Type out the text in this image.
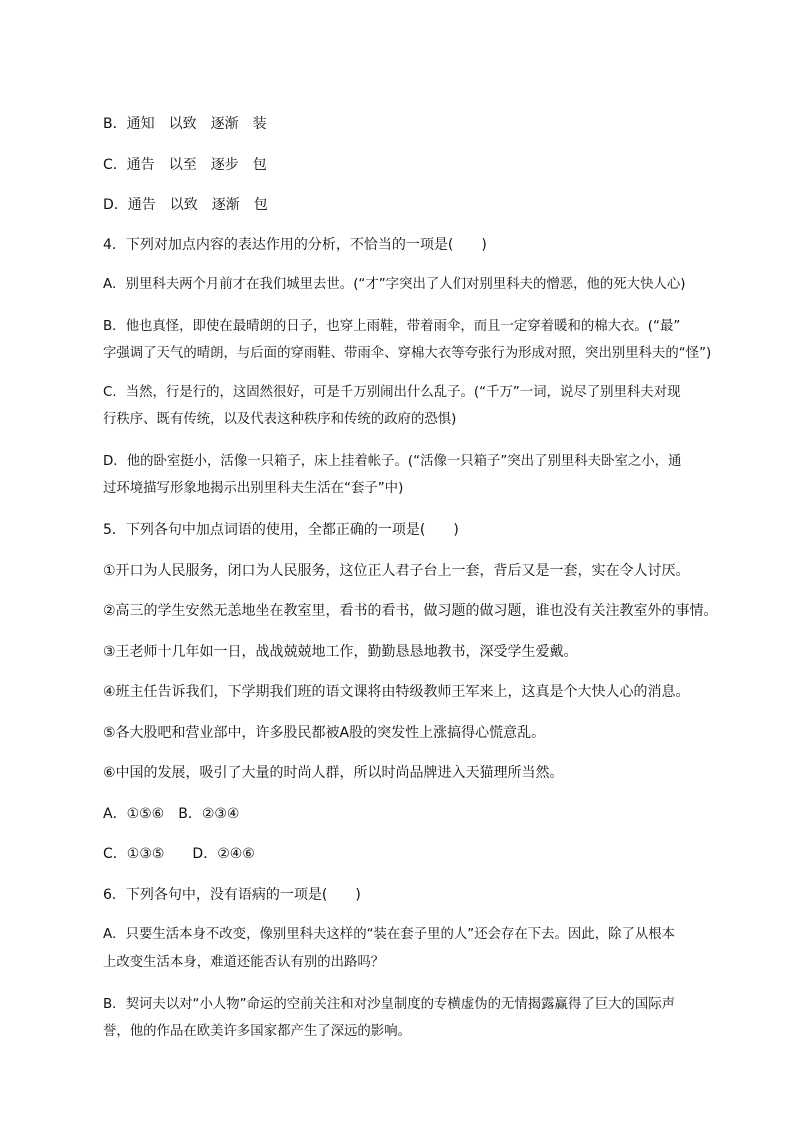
B．通知　以致　逐渐　装
C．通告　以至　逐步　包
D．通告　以致　逐渐　包
4．下列对加点内容的表达作用的分析，不恰当的一项是(　　)
A．别里科夫两个月前才在我们城里去世。(“才”字突出了人们对别里科夫的憎恶，他的死大快人心)
B．他也真怪，即使在最晴朗的日子，也穿上雨鞋，带着雨伞，而且一定穿着暖和的棉大衣。(“最”
字强调了天气的晴朗，与后面的穿雨鞋、带雨伞、穿棉大衣等夸张行为形成对照，突出别里科夫的“怪”)
C．当然，行是行的，这固然很好，可是千万别闹出什么乱子。(“千万”一词，说尽了别里科夫对现
行秩序、既有传统，以及代表这种秩序和传统的政府的恐惧)
D．他的卧室挺小，活像一只箱子，床上挂着帐子。(“活像一只箱子”突出了别里科夫卧室之小，通
过环境描写形象地揭示出别里科夫生活在“套子”中)
5．下列各句中加点词语的使用，全都正确的一项是(　　)
①开口为人民服务，闭口为人民服务，这位正人君子台上一套，背后又是一套，实在令人讨厌。
②高三的学生安然无恙地坐在教室里，看书的看书，做习题的做习题，谁也没有关注教室外的事情。
③王老师十几年如一日，战战兢兢地工作，勤勤恳恳地教书，深受学生爱戴。
④班主任告诉我们，下学期我们班的语文课将由特级教师王军来上，这真是个大快人心的消息。
⑤各大股吧和营业部中，许多股民都被A股的突发性上涨搞得心慌意乱。
⑥中国的发展，吸引了大量的时尚人群，所以时尚品牌进入天猫理所当然。
A．①⑤⑥　B．②③④
C．①③⑤　　D．②④⑥
6．下列各句中，没有语病的一项是(　　)
A．只要生活本身不改变，像别里科夫这样的“装在套子里的人”还会存在下去。因此，除了从根本
上改变生活本身，难道还能否认有别的出路吗？
B．契诃夫以对“小人物”命运的空前关注和对沙皇制度的专横虚伪的无情揭露赢得了巨大的国际声
誉，他的作品在欧美许多国家都产生了深远的影响。
